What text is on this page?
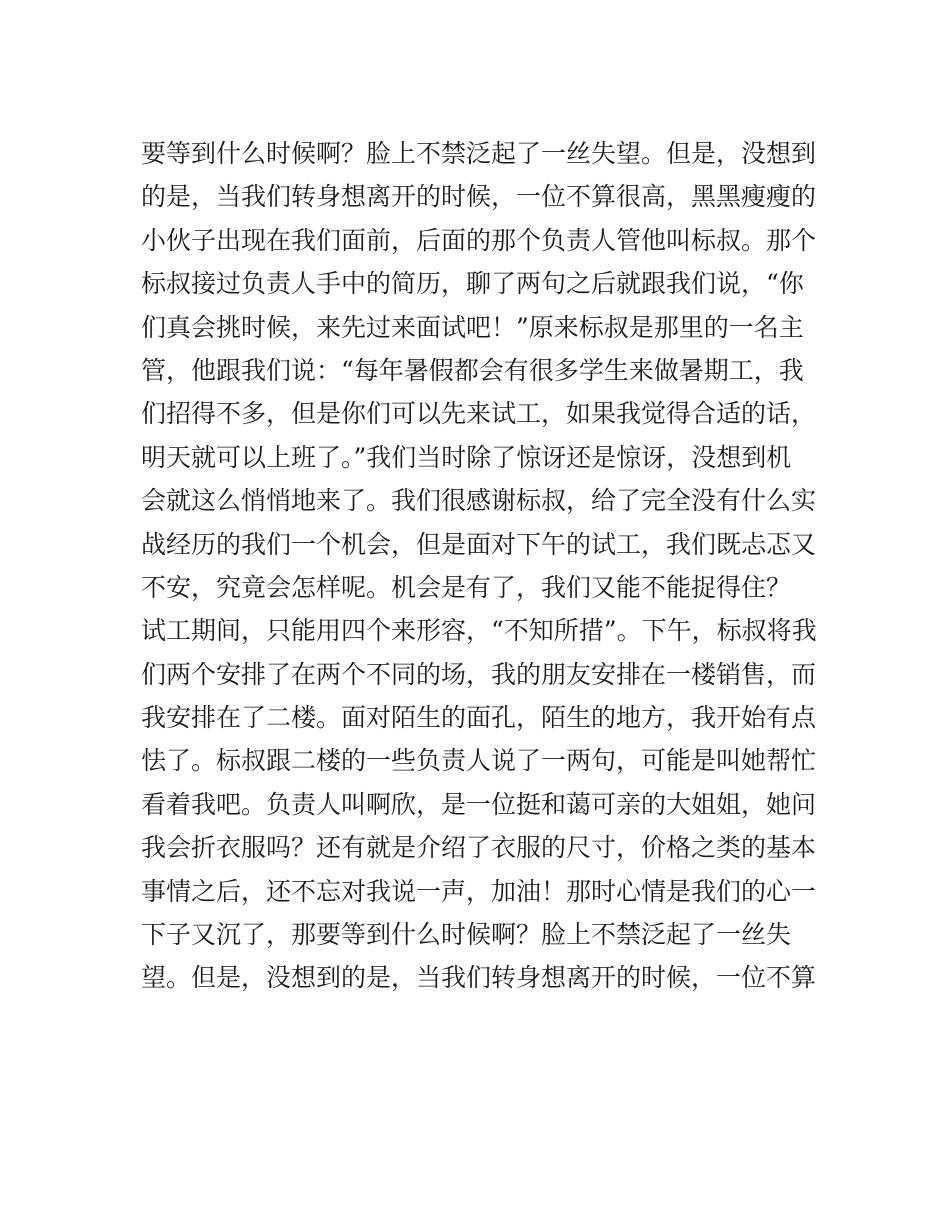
要等到什么时候啊？脸上不禁泛起了一丝失望。但是，没想到
的是，当我们转身想离开的时候，一位不算很高，黑黑瘦瘦的
小伙子出现在我们面前，后面的那个负责人管他叫标叔。那个
标叔接过负责人手中的简历，聊了两句之后就跟我们说，“你
们真会挑时候，来先过来面试吧！”原来标叔是那里的一名主
管，他跟我们说：“每年暑假都会有很多学生来做暑期工，我
们招得不多，但是你们可以先来试工，如果我觉得合适的话，
明天就可以上班了。”我们当时除了惊讶还是惊讶，没想到机
会就这么悄悄地来了。我们很感谢标叔，给了完全没有什么实
战经历的我们一个机会，但是面对下午的试工，我们既忐忑又
不安，究竟会怎样呢。机会是有了，我们又能不能捉得住？
试工期间，只能用四个来形容，“不知所措”。下午，标叔将我
们两个安排了在两个不同的场，我的朋友安排在一楼销售，而
我安排在了二楼。面对陌生的面孔，陌生的地方，我开始有点
怯了。标叔跟二楼的一些负责人说了一两句，可能是叫她帮忙
看着我吧。负责人叫啊欣，是一位挺和蔼可亲的大姐姐，她问
我会折衣服吗？还有就是介绍了衣服的尺寸，价格之类的基本
事情之后，还不忘对我说一声，加油！那时心情是我们的心一
下子又沉了，那要等到什么时候啊？脸上不禁泛起了一丝失
望。但是，没想到的是，当我们转身想离开的时候，一位不算
